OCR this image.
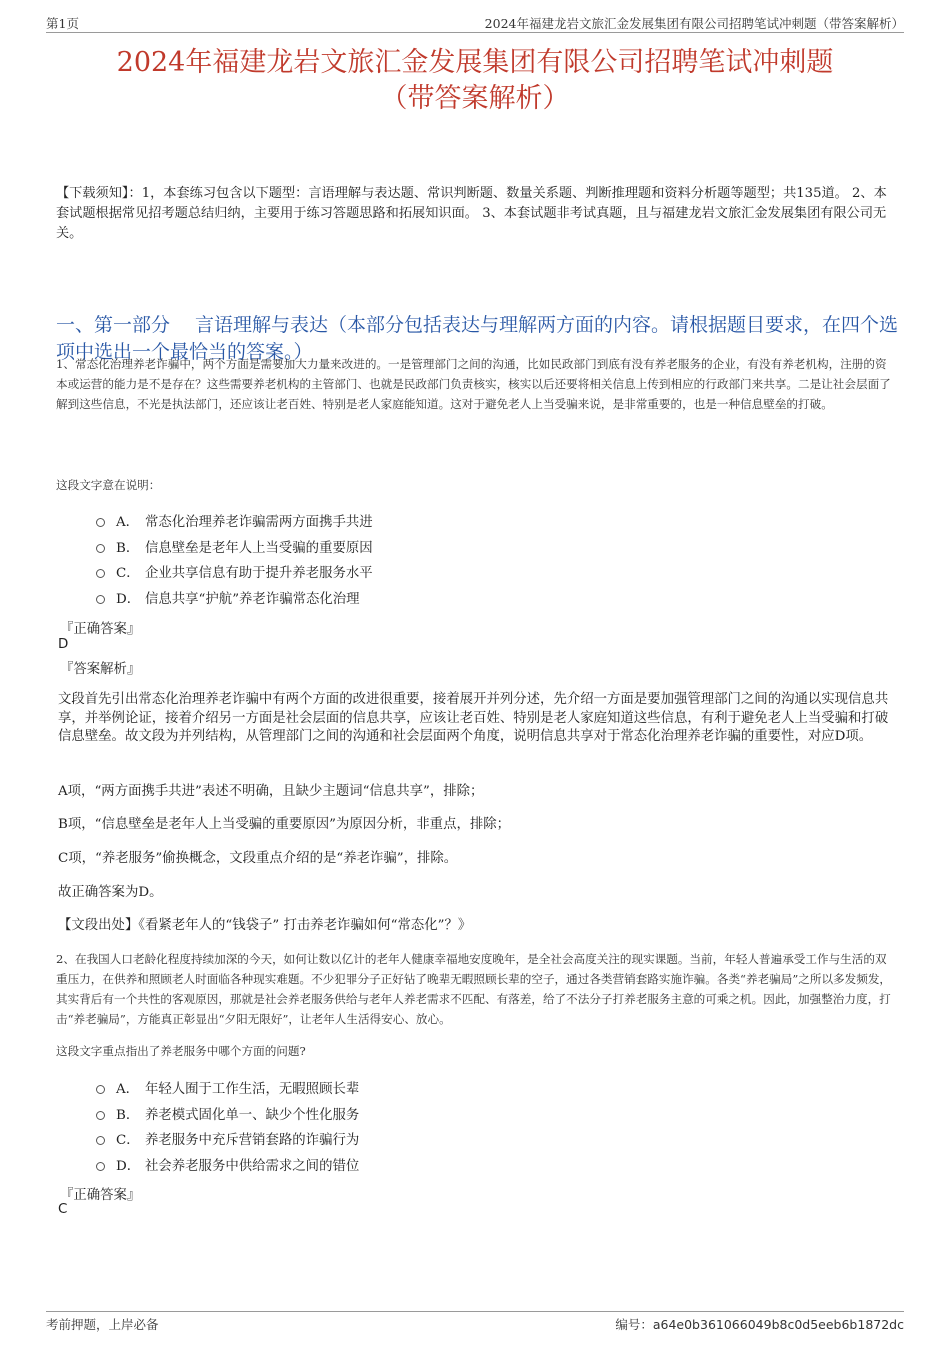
第1页	2024年福建龙岩文旅汇金发展集团有限公司招聘笔试冲刺题（带答案解析）
2024年福建龙岩文旅汇金发展集团有限公司招聘笔试冲刺题
（带答案解析）
【下载须知】：1，本套练习包含以下题型：言语理解与表达题、常识判断题、数量关系题、判断推理题和资料分析题等题型；共135道。 2、本套试题根据常见招考题总结归纳，主要用于练习答题思路和拓展知识面。 3、本套试题非考试真题，且与福建龙岩文旅汇金发展集团有限公司无关。
一、第一部分　 言语理解与表达（本部分包括表达与理解两方面的内容。请根据题目要求，在四个选项中选出一个最恰当的答案。）
1、常态化治理养老诈骗中，两个方面是需要加大力量来改进的。一是管理部门之间的沟通，比如民政部门到底有没有养老服务的企业，有没有养老机构，注册的资本或运营的能力是不是存在？这些需要养老机构的主管部门、也就是民政部门负责核实，核实以后还要将相关信息上传到相应的行政部门来共享。二是让社会层面了解到这些信息，不光是执法部门，还应该让老百姓、特别是老人家庭能知道。这对于避免老人上当受骗来说，是非常重要的，也是一种信息壁垒的打破。
这段文字意在说明：
A． 常态化治理养老诈骗需两方面携手共进
B． 信息壁垒是老年人上当受骗的重要原因
C． 企业共享信息有助于提升养老服务水平
D． 信息共享“护航”养老诈骗常态化治理
『正确答案』
D
『答案解析』
文段首先引出常态化治理养老诈骗中有两个方面的改进很重要，接着展开并列分述，先介绍一方面是要加强管理部门之间的沟通以实现信息共享，并举例论证，接着介绍另一方面是社会层面的信息共享，应该让老百姓、特别是老人家庭知道这些信息，有利于避免老人上当受骗和打破信息壁垒。故文段为并列结构，从管理部门之间的沟通和社会层面两个角度，说明信息共享对于常态化治理养老诈骗的重要性，对应D项。
A项，“两方面携手共进”表述不明确，且缺少主题词“信息共享”，排除；
B项，“信息壁垒是老年人上当受骗的重要原因”为原因分析，非重点，排除；
C项，“养老服务”偷换概念，文段重点介绍的是“养老诈骗”，排除。
故正确答案为D。
【文段出处】《看紧老年人的“钱袋子” 打击养老诈骗如何“常态化”？》
2、在我国人口老龄化程度持续加深的今天，如何让数以亿计的老年人健康幸福地安度晚年，是全社会高度关注的现实课题。当前，年轻人普遍承受工作与生活的双重压力，在供养和照顾老人时面临各种现实难题。不少犯罪分子正好钻了晚辈无暇照顾长辈的空子，通过各类营销套路实施诈骗。各类“养老骗局”之所以多发频发，其实背后有一个共性的客观原因，那就是社会养老服务供给与老年人养老需求不匹配、有落差，给了不法分子打养老服务主意的可乘之机。因此，加强整治力度，打击“养老骗局”，方能真正彰显出“夕阳无限好”，让老年人生活得安心、放心。
这段文字重点指出了养老服务中哪个方面的问题?
A． 年轻人囿于工作生活，无暇照顾长辈
B． 养老模式固化单一、缺少个性化服务
C． 养老服务中充斥营销套路的诈骗行为
D． 社会养老服务中供给需求之间的错位
『正确答案』
C
考前押题，上岸必备	编号：a64e0b361066049b8c0d5eeb6b1872dc
